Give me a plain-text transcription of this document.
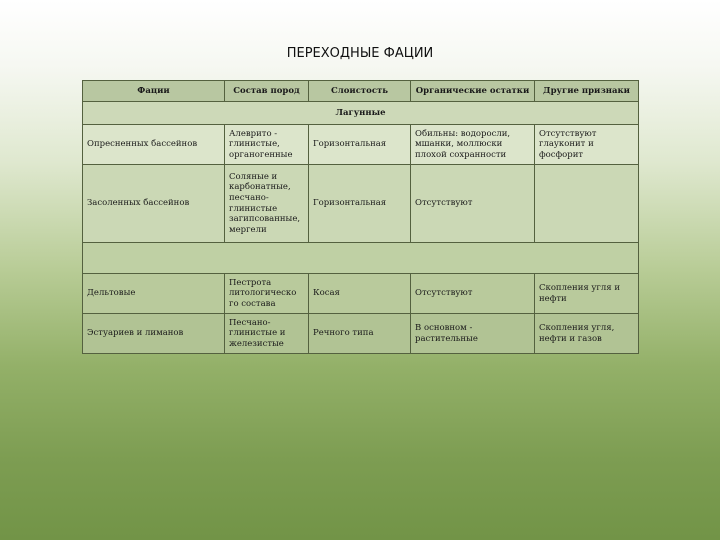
ПЕРЕХОДНЫЕ ФАЦИИ
Фации	Состав пород	Слоистость	Органические остатки	Другие признаки
Лагунные				
Опресненных бассейнов	Алеврито - глинистые, органогенные	Горизонтальная	Обильны: водоросли, мшанки, моллюски плохой сохранности	Отсутствуют глауконит и фосфорит
Засоленных бассейнов	Соляные и карбонатные, песчано-глинистые загипсованные, мергели	Горизонтальная	Отсутствуют	

Дельтовые	Пестрота литологическо го состава	Косая	Отсутствуют	Скопления угля и нефти
Эстуариев и лиманов	Песчано-глинистые и железистые	Речного типа	В основном - растительные	Скопления угля, нефти и газов
